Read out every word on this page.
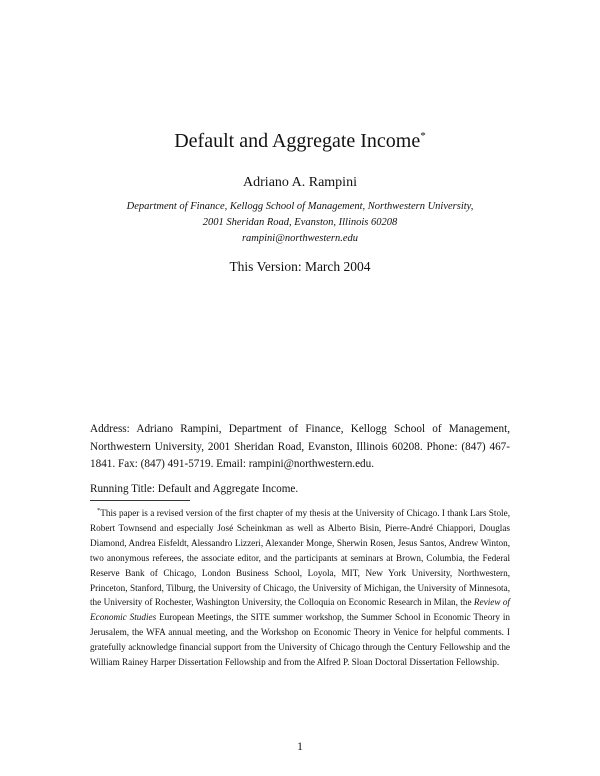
Default and Aggregate Income*
Adriano A. Rampini
Department of Finance, Kellogg School of Management, Northwestern University,
2001 Sheridan Road, Evanston, Illinois 60208
rampini@northwestern.edu
This Version: March 2004
Address: Adriano Rampini, Department of Finance, Kellogg School of Management, Northwestern University, 2001 Sheridan Road, Evanston, Illinois 60208. Phone: (847) 467-1841. Fax: (847) 491-5719. Email: rampini@northwestern.edu.
Running Title: Default and Aggregate Income.
*This paper is a revised version of the first chapter of my thesis at the University of Chicago. I thank Lars Stole, Robert Townsend and especially José Scheinkman as well as Alberto Bisin, Pierre-André Chiappori, Douglas Diamond, Andrea Eisfeldt, Alessandro Lizzeri, Alexander Monge, Sherwin Rosen, Jesus Santos, Andrew Winton, two anonymous referees, the associate editor, and the participants at seminars at Brown, Columbia, the Federal Reserve Bank of Chicago, London Business School, Loyola, MIT, New York University, Northwestern, Princeton, Stanford, Tilburg, the University of Chicago, the University of Michigan, the University of Minnesota, the University of Rochester, Washington University, the Colloquia on Economic Research in Milan, the Review of Economic Studies European Meetings, the SITE summer workshop, the Summer School in Economic Theory in Jerusalem, the WFA annual meeting, and the Workshop on Economic Theory in Venice for helpful comments. I gratefully acknowledge financial support from the University of Chicago through the Century Fellowship and the William Rainey Harper Dissertation Fellowship and from the Alfred P. Sloan Doctoral Dissertation Fellowship.
1
